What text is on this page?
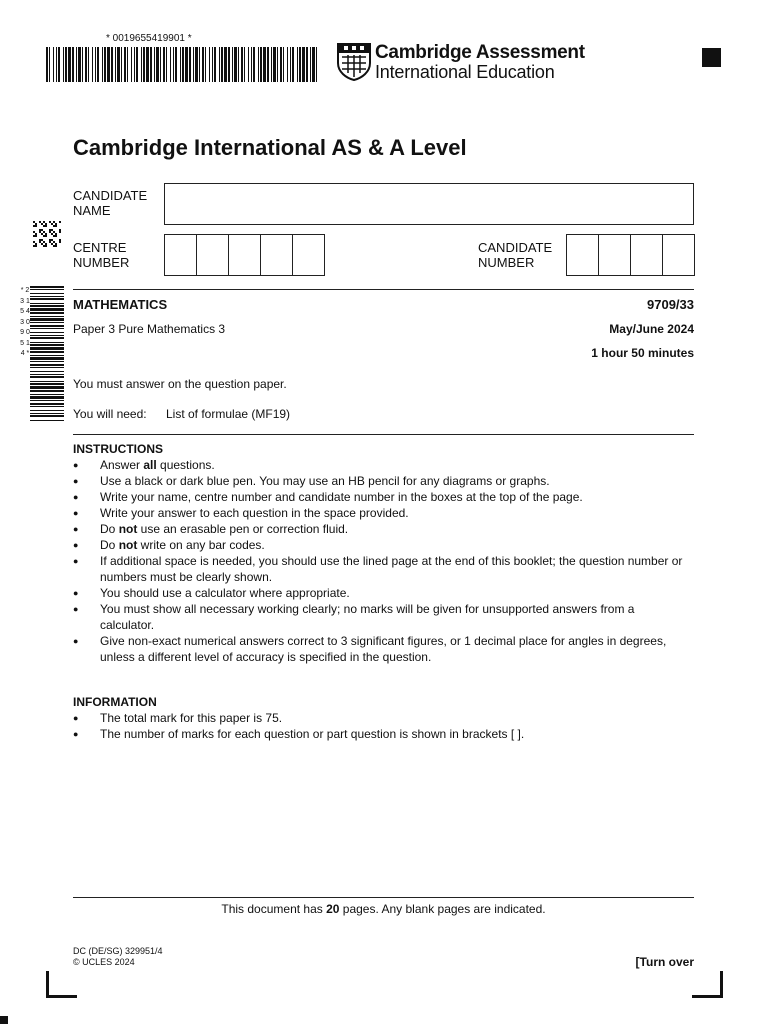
* 0019655419901 *
Cambridge Assessment
International Education
Cambridge International AS & A Level
CANDIDATE
NAME
CENTRE
NUMBER
CANDIDATE
NUMBER
* 2 3 1 5 4 3 0 9 0 5 1 4 *
MATHEMATICS	9709/33
Paper 3 Pure Mathematics 3	May/June 2024
1 hour 50 minutes
You must answer on the question paper.
You will need: List of formulae (MF19)
INSTRUCTIONS
● Answer all questions.
● Use a black or dark blue pen. You may use an HB pencil for any diagrams or graphs.
● Write your name, centre number and candidate number in the boxes at the top of the page.
● Write your answer to each question in the space provided.
● Do not use an erasable pen or correction fluid.
● Do not write on any bar codes.
● If additional space is needed, you should use the lined page at the end of this booklet; the question number or numbers must be clearly shown.
● You should use a calculator where appropriate.
● You must show all necessary working clearly; no marks will be given for unsupported answers from a calculator.
● Give non-exact numerical answers correct to 3 significant figures, or 1 decimal place for angles in degrees, unless a different level of accuracy is specified in the question.
INFORMATION
● The total mark for this paper is 75.
● The number of marks for each question or part question is shown in brackets [ ].
This document has 20 pages. Any blank pages are indicated.
DC (DE/SG) 329951/4
© UCLES 2024	[Turn over
